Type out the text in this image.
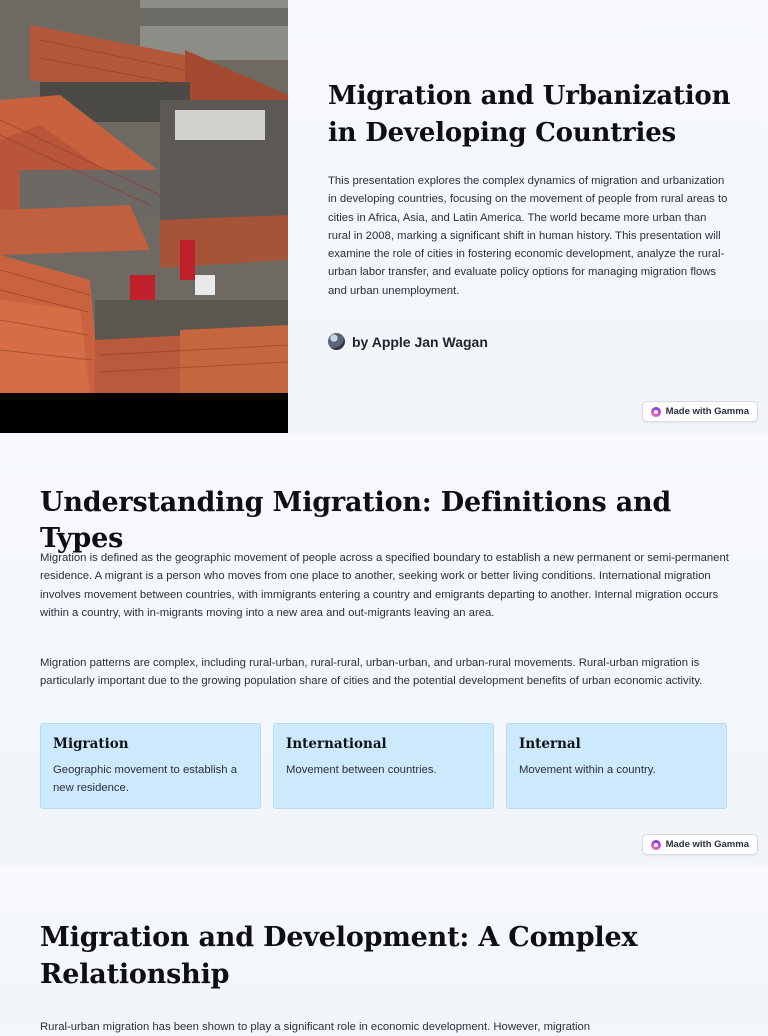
Migration and Urbanization in Developing Countries

This presentation explores the complex dynamics of migration and urbanization in developing countries, focusing on the movement of people from rural areas to cities in Africa, Asia, and Latin America. The world became more urban than rural in 2008, marking a significant shift in human history. This presentation will examine the role of cities in fostering economic development, analyze the rural-urban labor transfer, and evaluate policy options for managing migration flows and urban unemployment.

by Apple Jan Wagan
Made with Gamma
Understanding Migration: Definitions and Types

Migration is defined as the geographic movement of people across a specified boundary to establish a new permanent or semi-permanent residence. A migrant is a person who moves from one place to another, seeking work or better living conditions. International migration involves movement between countries, with immigrants entering a country and emigrants departing to another. Internal migration occurs within a country, with in-migrants moving into a new area and out-migrants leaving an area.

Migration patterns are complex, including rural-urban, rural-rural, urban-urban, and urban-rural movements. Rural-urban migration is particularly important due to the growing population share of cities and the potential development benefits of urban economic activity.

Migration

Geographic movement to establish a new residence.

International

Movement between countries.

Internal

Movement within a country.

Made with Gamma
Migration and Development: A Complex Relationship

Rural-urban migration has been shown to play a significant role in economic development. However, migration
